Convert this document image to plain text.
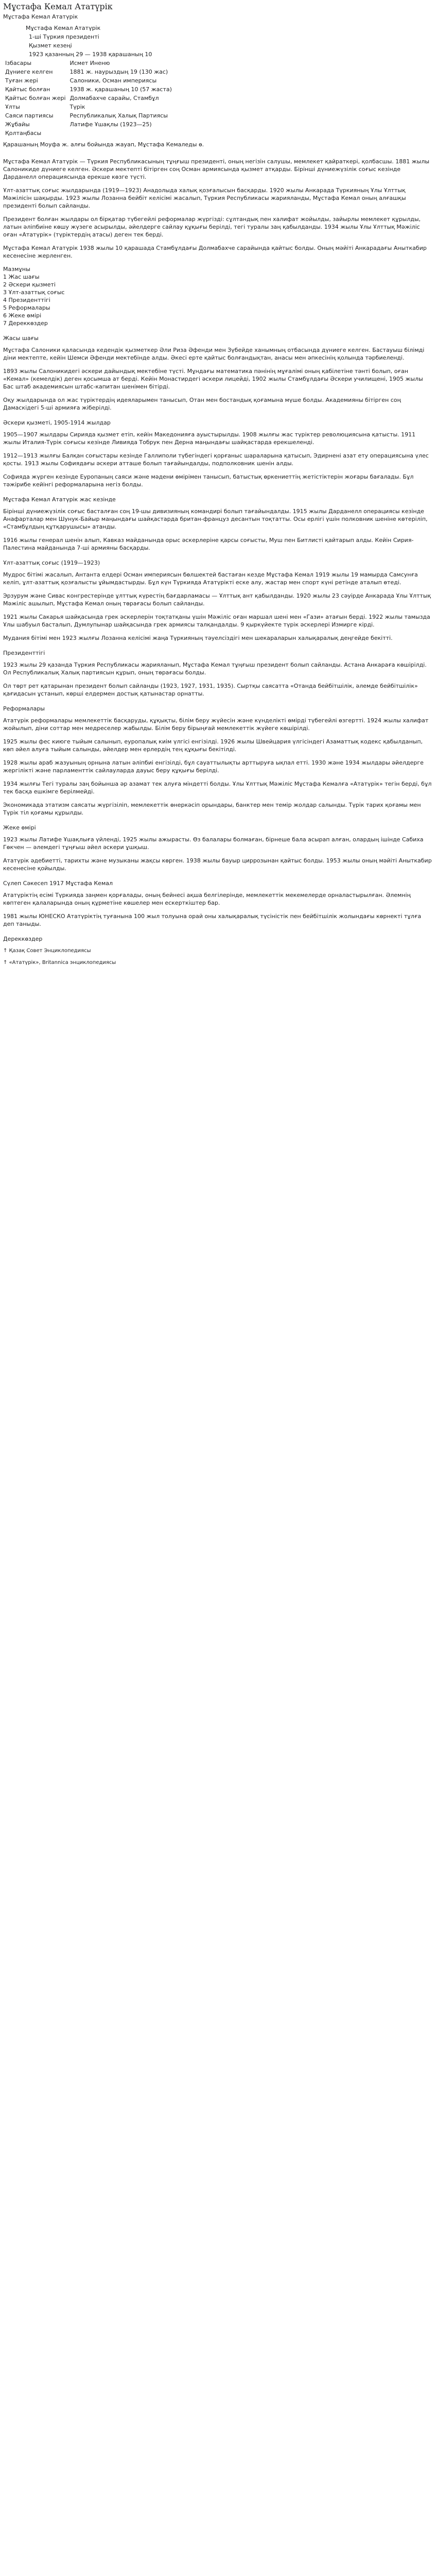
Мұстафа Кемал Ататүрік
Мұстафа Кемал Ататүрік
Мұстафа Кемал Ататүрік	
1-ші Түркия президенті	
Қызмет кезеңі	
1923 қазанның 29 — 1938 қарашаның 10	
Ізбасары	Исмет Иненю
Дүниеге келген	1881 ж. наурыздың 19 (130 жас)
Туған жері	Салоники, Осман империясы
Қайтыс болған	1938 ж. қарашаның 10 (57 жаста)
Қайтыс болған жері	Долмабахче сарайы, Стамбұл
Ұлты	Түрік
Саяси партиясы	Республикалық Халық Партиясы
Жұбайы	Латифе Ұшақлы (1923—25)
Қолтаңбасы	

Қарашаның Моуфа ж. алғы бойында жауап, Мұстафа Кемаледы ө.

Мұстафа Кемал Ататүрік — Түркия Республикасының тұңғыш президенті, оның негізін салушы, мемлекет қайраткері, қолбасшы. 1881 жылы Салоникиде дүниеге келген. Әскери мектепті бітірген соң Осман армиясында қызмет атқарды. Бірінші дүниежүзілік соғыс кезінде Дарданелл операциясында ерекше көзге түсті.

Ұлт-азаттық соғыс жылдарында (1919—1923) Анадолыда халық қозғалысын басқарды. 1920 жылы Анкарада Түркияның Ұлы Ұлттық Мәжілісін шақырды. 1923 жылы Лозанна бейбіт келісімі жасалып, Түркия Республикасы жарияланды, Мұстафа Кемал оның алғашқы президенті болып сайланды.

Президент болған жылдары ол бірқатар түбегейлі реформалар жүргізді: сұлтандық пен халифат жойылды, зайырлы мемлекет құрылды, латын әліпбиіне көшу жүзеге асырылды, әйелдерге сайлау құқығы берілді, тегі туралы заң қабылданды. 1934 жылы Ұлы Ұлттық Мәжіліс оған «Ататүрік» (түріктердің атасы) деген тек берді.

Мұстафа Кемал Ататүрік 1938 жылы 10 қарашада Стамбұлдағы Долмабахче сарайында қайтыс болды. Оның мәйіті Анкарадағы Аныткабир кесенесіне жерленген.

Мазмұны
1 Жас шағы
2 Әскери қызметі
3 Ұлт-азаттық соғыс
4 Президенттігі
5 Реформалары
6 Жеке өмірі
7 Дереккөздер
Жасы шағы

Мұстафа Салоники қаласында кедендік қызметкер Әли Риза Әфенди мен Зүбейде ханымның отбасында дүниеге келген. Бастауыш білімді діни мектепте, кейін Шемси Әфенди мектебінде алды. Әкесі ерте қайтыс болғандықтан, анасы мен әпкесінің қолында тәрбиеленді.

1893 жылы Салоникидегі әскери дайындық мектебіне түсті. Мұндағы математика пәнінің мұғалімі оның қабілетіне тәнті болып, оған «Кемал» (кемелдік) деген қосымша ат берді. Кейін Монастирдегі әскери лицейді, 1902 жылы Стамбұлдағы Әскери училищені, 1905 жылы Бас штаб академиясын штабс-капитан шенімен бітірді.

Оқу жылдарында ол жас түріктердің идеяларымен танысып, Отан мен бостандық қоғамына мүше болды. Академияны бітірген соң Дамаскідегі 5-ші армияға жіберілді.

Әскери қызметі, 1905-1914 жылдар

1905—1907 жылдары Сирияда қызмет етіп, кейін Македонияға ауыстырылды. 1908 жылғы жас түріктер революциясына қатысты. 1911 жылы Италия-Түрік соғысы кезінде Ливияда Тобрук пен Дерна маңындағы шайқастарда ерекшеленді.

1912—1913 жылғы Балқан соғыстары кезінде Галлиполи түбегіндегі қорғаныс шараларына қатысып, Эдирнені азат ету операциясына үлес қосты. 1913 жылы Софиядағы әскери атташе болып тағайындалды, подполковник шенін алды.

Софияда жүрген кезінде Еуропаның саяси және мәдени өмірімен танысып, батыстық өркениеттің жетістіктерін жоғары бағалады. Бұл тәжірибе кейінгі реформаларына негіз болды.

Мұстафа Кемал Ататүрік жас кезінде

Бірінші дүниежүзілік соғыс басталған соң 19-шы дивизияның командирі болып тағайындалды. 1915 жылы Дарданелл операциясы кезінде Анафарталар мен Шунук-Байыр маңындағы шайқастарда британ-француз десантын тоқтатты. Осы ерлігі үшін полковник шеніне көтеріліп, «Стамбұлдың құтқарушысы» атанды.

1916 жылы генерал шенін алып, Кавказ майданында орыс әскерлеріне қарсы соғысты, Муш пен Битлисті қайтарып алды. Кейін Сирия-Палестина майданында 7-ші армияны басқарды.

Ұлт-азаттық соғыс (1919—1923)

Мудрос бітімі жасалып, Антанта елдері Осман империясын бөлшектей бастаған кезде Мұстафа Кемал 1919 жылы 19 мамырда Самсунға келіп, ұлт-азаттық қозғалысты ұйымдастырды. Бұл күн Түркияда Ататүрікті еске алу, жастар мен спорт күні ретінде аталып өтеді.

Эрзурум және Сивас конгрестерінде ұлттық күрестің бағдарламасы — Ұлттық ант қабылданды. 1920 жылы 23 сәуірде Анкарада Ұлы Ұлттық Мәжіліс ашылып, Мұстафа Кемал оның төрағасы болып сайланды.

1921 жылы Сакарья шайқасында грек әскерлерін тоқтатқаны үшін Мәжіліс оған маршал шені мен «Гази» атағын берді. 1922 жылы тамызда Ұлы шабуыл басталып, Думлупынар шайқасында грек армиясы талқандалды. 9 қыркүйекте түрік әскерлері Измирге кірді.

Мудания бітімі мен 1923 жылғы Лозанна келісімі жаңа Түркияның тәуелсіздігі мен шекараларын халықаралық деңгейде бекітті.

Президенттігі

1923 жылы 29 қазанда Түркия Республикасы жарияланып, Мұстафа Кемал тұңғыш президент болып сайланды. Астана Анкараға көшірілді. Ол Республикалық Халық партиясын құрып, оның төрағасы болды.

Ол төрт рет қатарынан президент болып сайланды (1923, 1927, 1931, 1935). Сыртқы саясатта «Отанда бейбітшілік, әлемде бейбітшілік» қағидасын ұстанып, көрші елдермен достық қатынастар орнатты.

Реформалары

Ататүрік реформалары мемлекеттік басқаруды, құқықты, білім беру жүйесін және күнделікті өмірді түбегейлі өзгертті. 1924 жылы халифат жойылып, діни соттар мен медреселер жабылды. Білім беру бірыңғай мемлекеттік жүйеге көшірілді.

1925 жылы фес киюге тыйым салынып, еуропалық киім үлгісі енгізілді. 1926 жылы Швейцария үлгісіндегі Азаматтық кодекс қабылданып, көп әйел алуға тыйым салынды, әйелдер мен ерлердің тең құқығы бекітілді.

1928 жылы араб жазуының орнына латын әліпбиі енгізілді, бұл сауаттылықты арттыруға ықпал етті. 1930 және 1934 жылдары әйелдерге жергілікті және парламенттік сайлауларда дауыс беру құқығы берілді.

1934 жылғы Тегі туралы заң бойынша әр азамат тек алуға міндетті болды. Ұлы Ұлттық Мәжіліс Мұстафа Кемалға «Ататүрік» тегін берді, бұл тек басқа ешкімге берілмейді.

Экономикада этатизм саясаты жүргізіліп, мемлекеттік өнеркәсіп орындары, банктер мен темір жолдар салынды. Түрік тарих қоғамы мен Түрік тіл қоғамы құрылды.

Жеке өмірі

1923 жылы Латифе Ұшақлыға үйленді, 1925 жылы ажырасты. Өз балалары болмаған, бірнеше бала асырап алған, олардың ішінде Сабиха Гөкчен — әлемдегі тұңғыш әйел әскери ұшқыш.

Ататүрік әдебиетті, тарихты және музыканы жақсы көрген. 1938 жылы бауыр циррозынан қайтыс болды. 1953 жылы оның мәйіті Аныткабир кесенесіне қойылды.

Сүлеп Сәкесеп 1917 Мұстафа Кемал

Ататүріктің есімі Түркияда заңмен қорғалады, оның бейнесі ақша белгілерінде, мемлекеттік мекемелерде орналастырылған. Әлемнің көптеген қалаларында оның құрметіне көшелер мен ескерткіштер бар.

1981 жылы ЮНЕСКО Ататүріктің туғанына 100 жыл толуына орай оны халықаралық түсіністік пен бейбітшілік жолындағы көрнекті тұлға деп таныды.

Дереккөздер
↑ Қазақ Совет Энциклопедиясы
↑ «Ататүрік», Britannica энциклопедиясы
